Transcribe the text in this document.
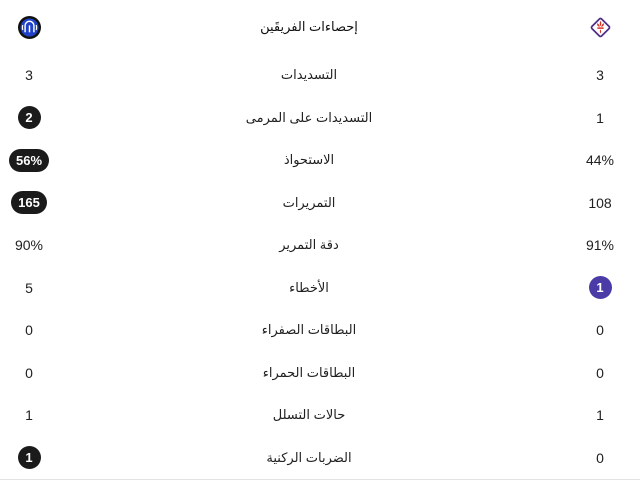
إحصاءات الفريقَين
3	التسديدات	3
2	التسديدات على المرمى	1
56%	الاستحواذ	44%
165	التمريرات	108
90%	دقة التمرير	91%
5	الأخطاء	1
0	البطاقات الصفراء	0
0	البطاقات الحمراء	0
1	حالات التسلل	1
1	الضربات الركنية	0
